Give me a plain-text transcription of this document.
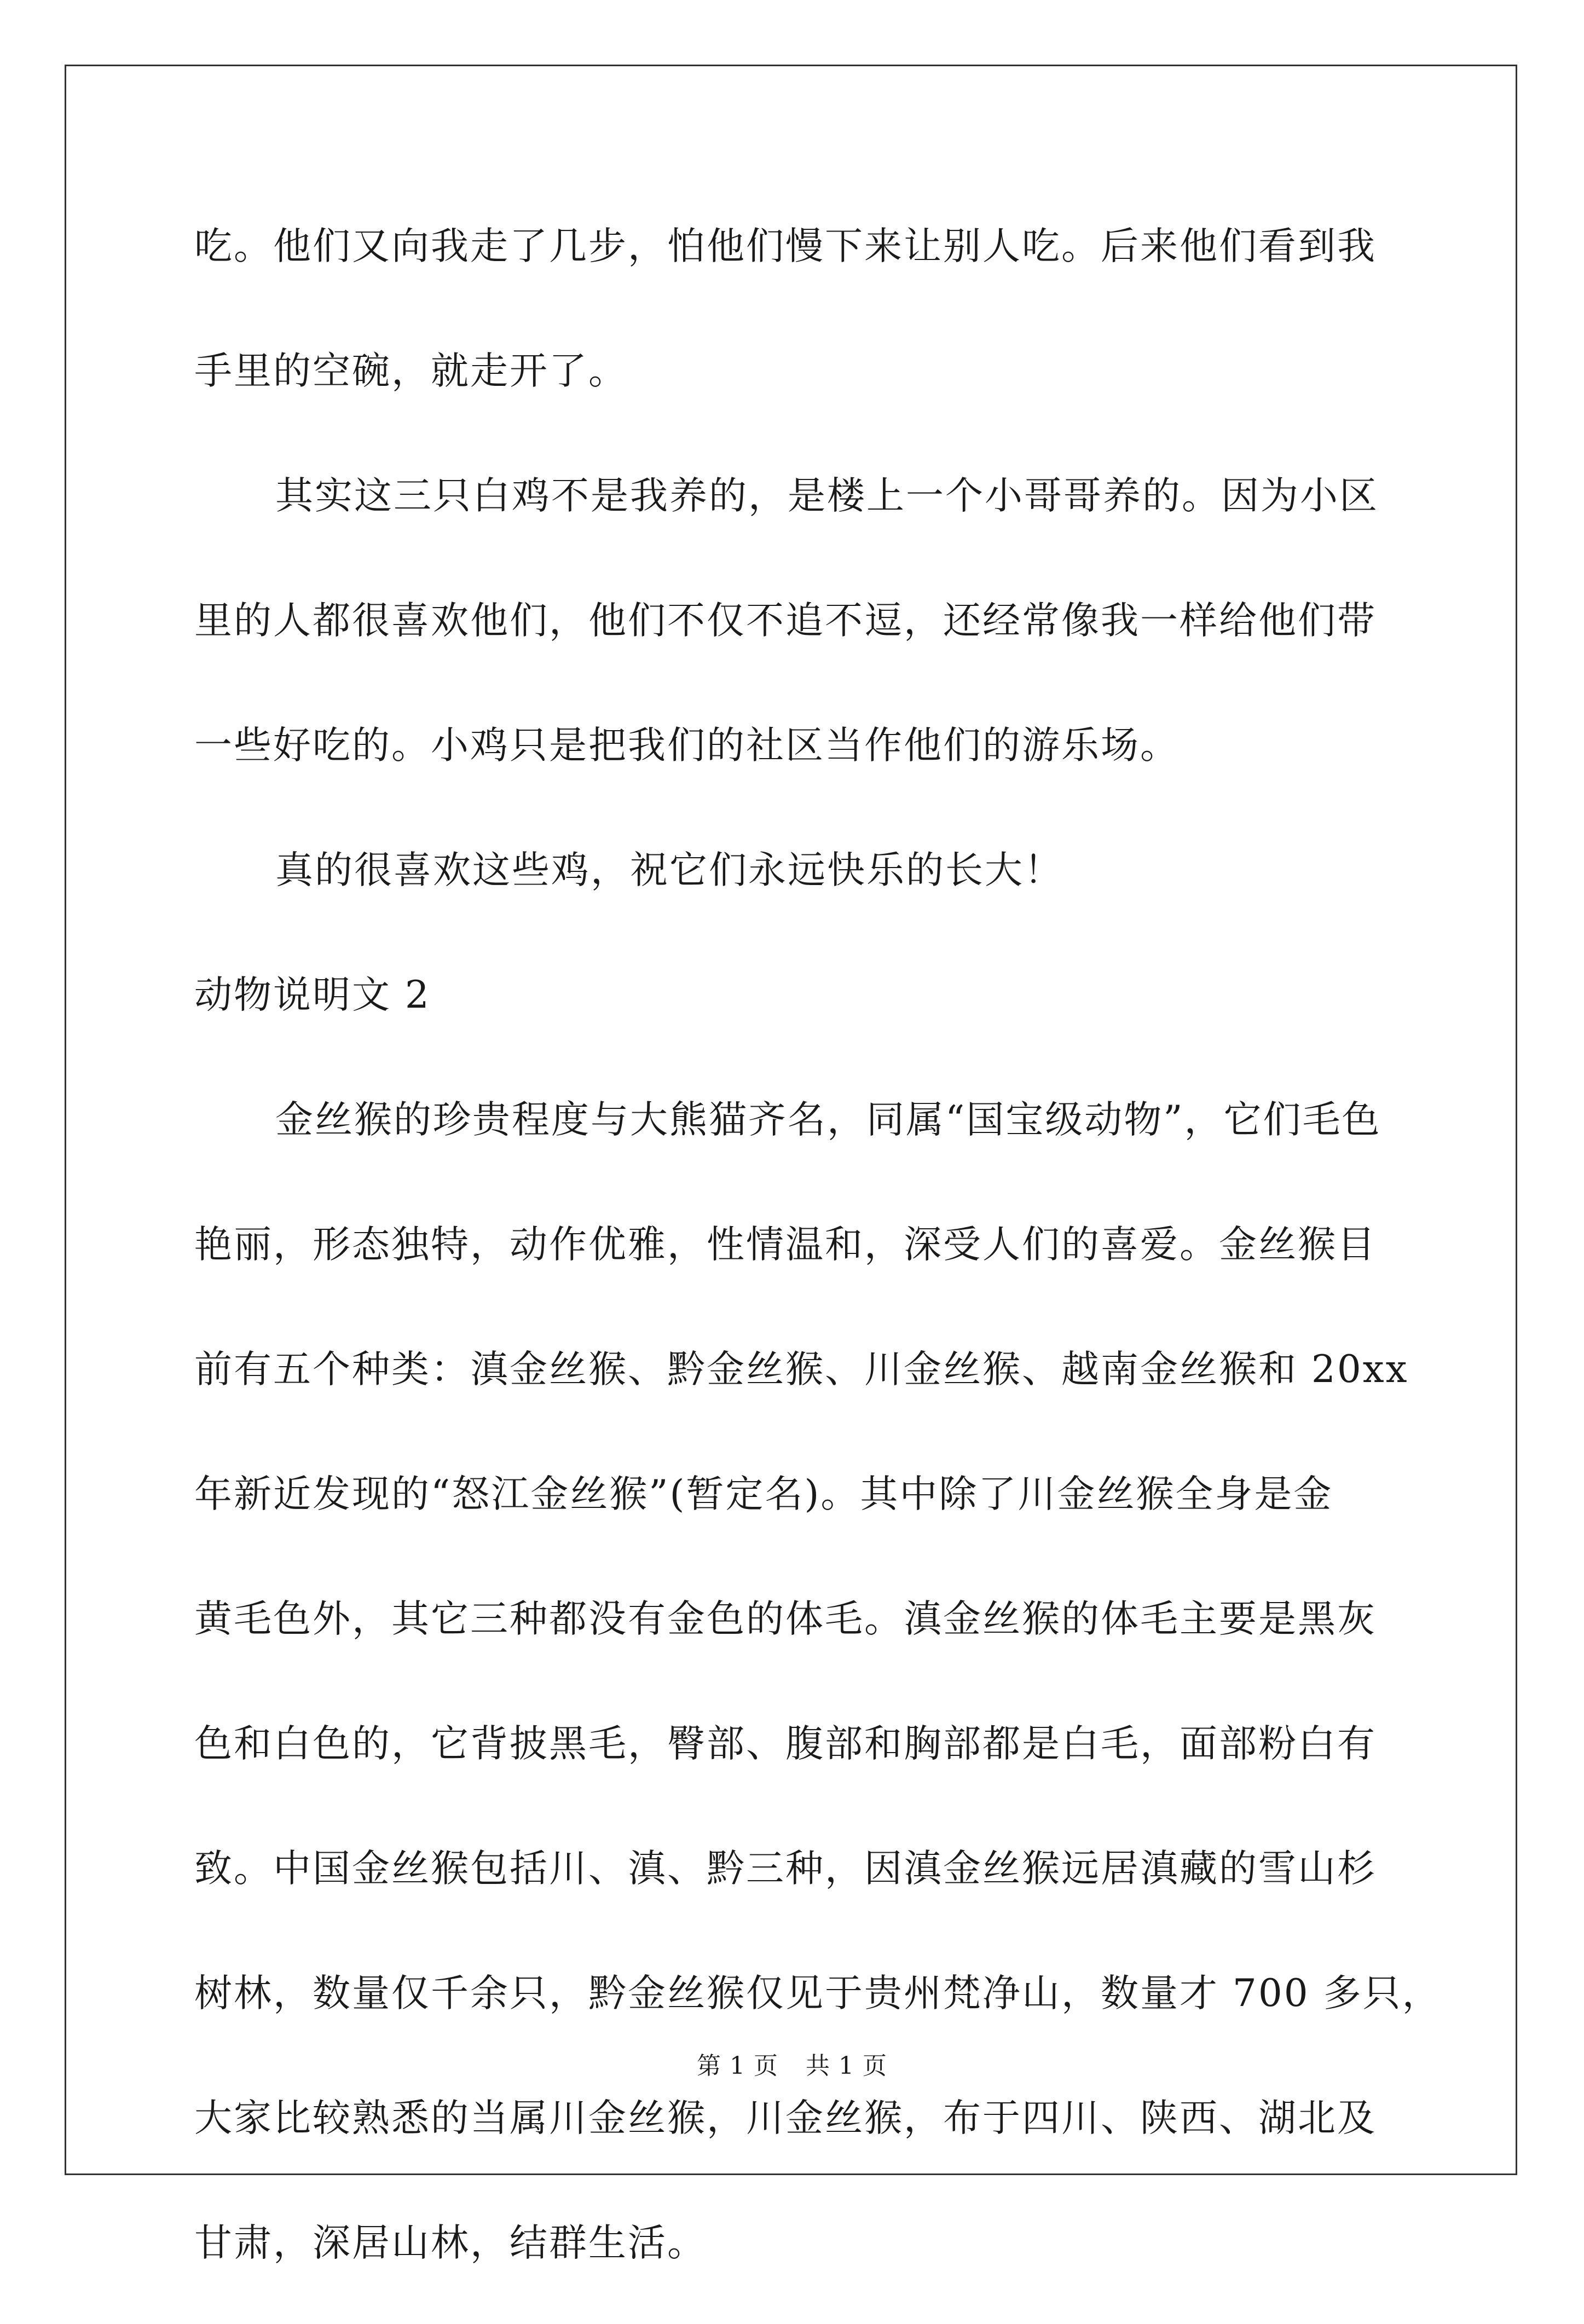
吃。他们又向我走了几步，怕他们慢下来让别人吃。后来他们看到我
手里的空碗，就走开了。
其实这三只白鸡不是我养的，是楼上一个小哥哥养的。因为小区
里的人都很喜欢他们，他们不仅不追不逗，还经常像我一样给他们带
一些好吃的。小鸡只是把我们的社区当作他们的游乐场。
真的很喜欢这些鸡，祝它们永远快乐的长大！
动物说明文 2
金丝猴的珍贵程度与大熊猫齐名，同属“国宝级动物”，它们毛色
艳丽，形态独特，动作优雅，性情温和，深受人们的喜爱。金丝猴目
前有五个种类：滇金丝猴、黔金丝猴、川金丝猴、越南金丝猴和 20xx
年新近发现的“怒江金丝猴”(暂定名)。其中除了川金丝猴全身是金
黄毛色外，其它三种都没有金色的体毛。滇金丝猴的体毛主要是黑灰
色和白色的，它背披黑毛，臀部、腹部和胸部都是白毛，面部粉白有
致。中国金丝猴包括川、滇、黔三种，因滇金丝猴远居滇藏的雪山杉
树林，数量仅千余只，黔金丝猴仅见于贵州梵净山，数量才 700 多只，
大家比较熟悉的当属川金丝猴，川金丝猴，布于四川、陕西、湖北及
甘肃，深居山林，结群生活。
第 1 页 共 1 页
